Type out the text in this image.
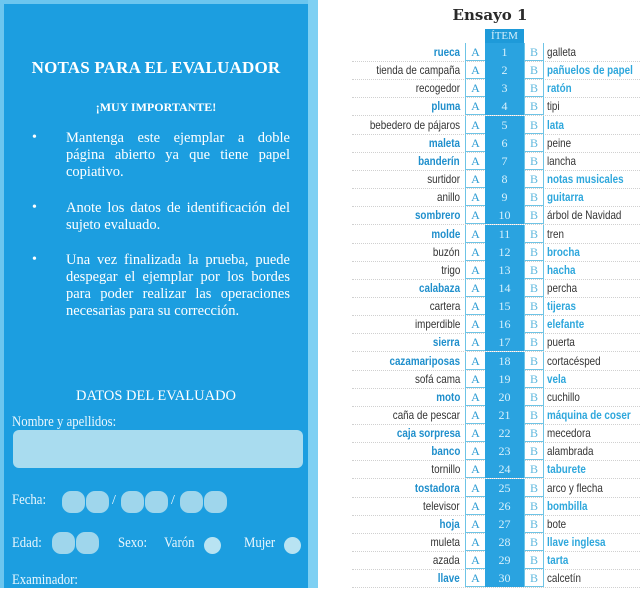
NOTAS PARA EL EVALUADOR
¡MUY IMPORTANTE!
• Mantenga este ejemplar a doble página abierto ya que tiene papel copiativo.
• Anote los datos de identificación del sujeto evaluado.
• Una vez finalizada la prueba, puede despegar el ejemplar por los bordes para poder realizar las operaciones necesarias para su corrección.
DATOS DEL EVALUADO
Nombre y apellidos:
Fecha:	/	/
Edad:	Sexo: Varón	Mujer
Examinador:
Ensayo 1
ÍTEM
rueca A	1	B galleta
tienda de campaña A	2	B pañuelos de papel
recogedor A	3	B ratón
pluma A	4	B tipi
bebedero de pájaros A	5	B lata
maleta A	6	B peine
banderín A	7	B lancha
surtidor A	8	B notas musicales
anillo A	9	B guitarra
sombrero A	10	B árbol de Navidad
molde A	11	B tren
buzón A	12	B brocha
trigo A	13	B hacha
calabaza A	14	B percha
cartera A	15	B tijeras
imperdible A	16	B elefante
sierra A	17	B puerta
cazamariposas A	18	B cortacésped
sofá cama A	19	B vela
moto A	20	B cuchillo
caña de pescar A	21	B máquina de coser
caja sorpresa A	22	B mecedora
banco A	23	B alambrada
tornillo A	24	B taburete
tostadora A	25	B arco y flecha
televisor A	26	B bombilla
hoja A	27	B bote
muleta A	28	B llave inglesa
azada A	29	B tarta
llave A	30	B calcetín
